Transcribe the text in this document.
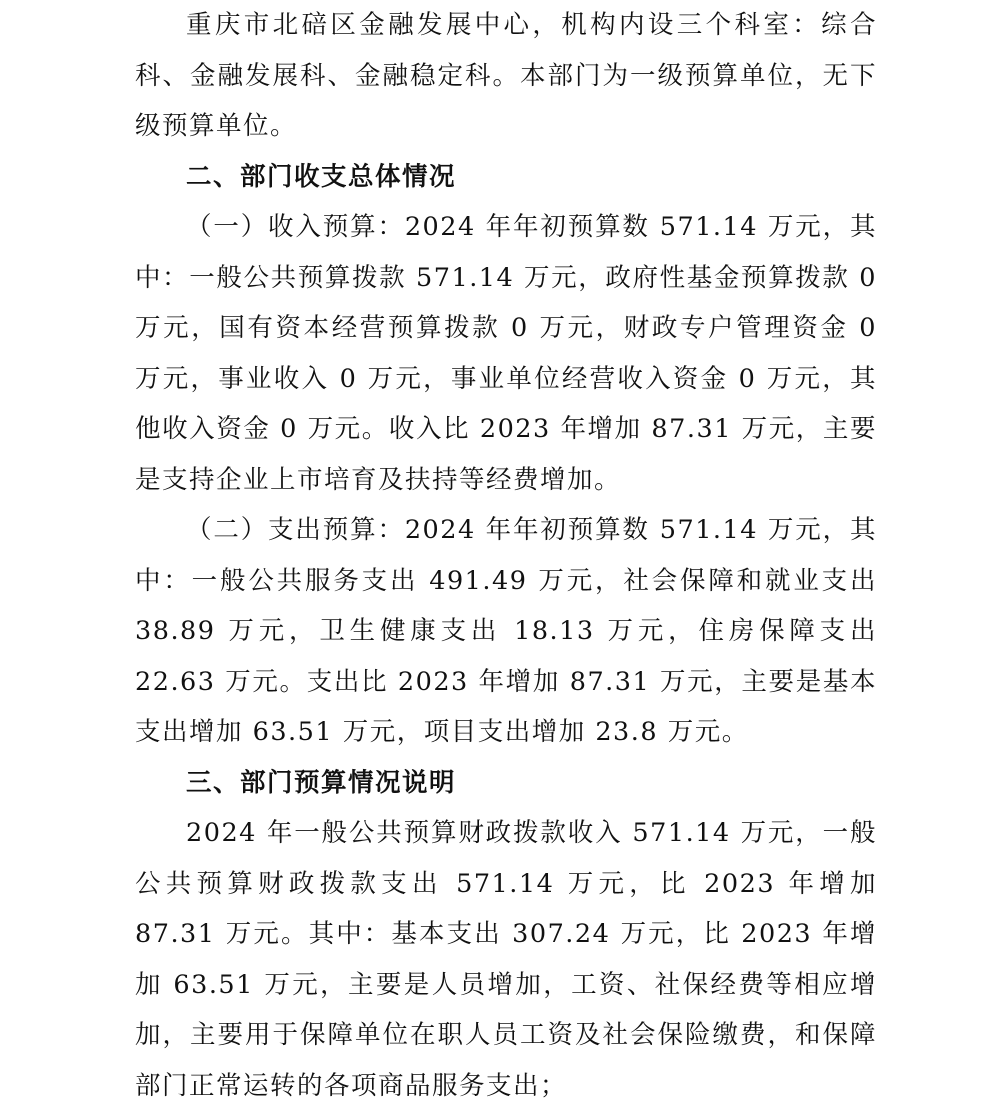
重庆市北碚区金融发展中心，机构内设三个科室：综合科、金融发展科、金融稳定科。本部门为一级预算单位，无下级预算单位。

二、部门收支总体情况

（一）收入预算：2024 年年初预算数 571.14 万元，其中：一般公共预算拨款 571.14 万元，政府性基金预算拨款 0 万元，国有资本经营预算拨款 0 万元，财政专户管理资金 0 万元，事业收入 0 万元，事业单位经营收入资金 0 万元，其他收入资金 0 万元。收入比 2023 年增加 87.31 万元，主要是支持企业上市培育及扶持等经费增加。

（二）支出预算：2024 年年初预算数 571.14 万元，其中：一般公共服务支出 491.49 万元，社会保障和就业支出 38.89 万元，卫生健康支出 18.13 万元，住房保障支出 22.63 万元。支出比 2023 年增加 87.31 万元，主要是基本支出增加 63.51 万元，项目支出增加 23.8 万元。

三、部门预算情况说明

2024 年一般公共预算财政拨款收入 571.14 万元，一般公共预算财政拨款支出 571.14 万元，比 2023 年增加 87.31 万元。其中：基本支出 307.24 万元，比 2023 年增加 63.51 万元，主要是人员增加，工资、社保经费等相应增加，主要用于保障单位在职人员工资及社会保险缴费，和保障部门正常运转的各项商品服务支出；
